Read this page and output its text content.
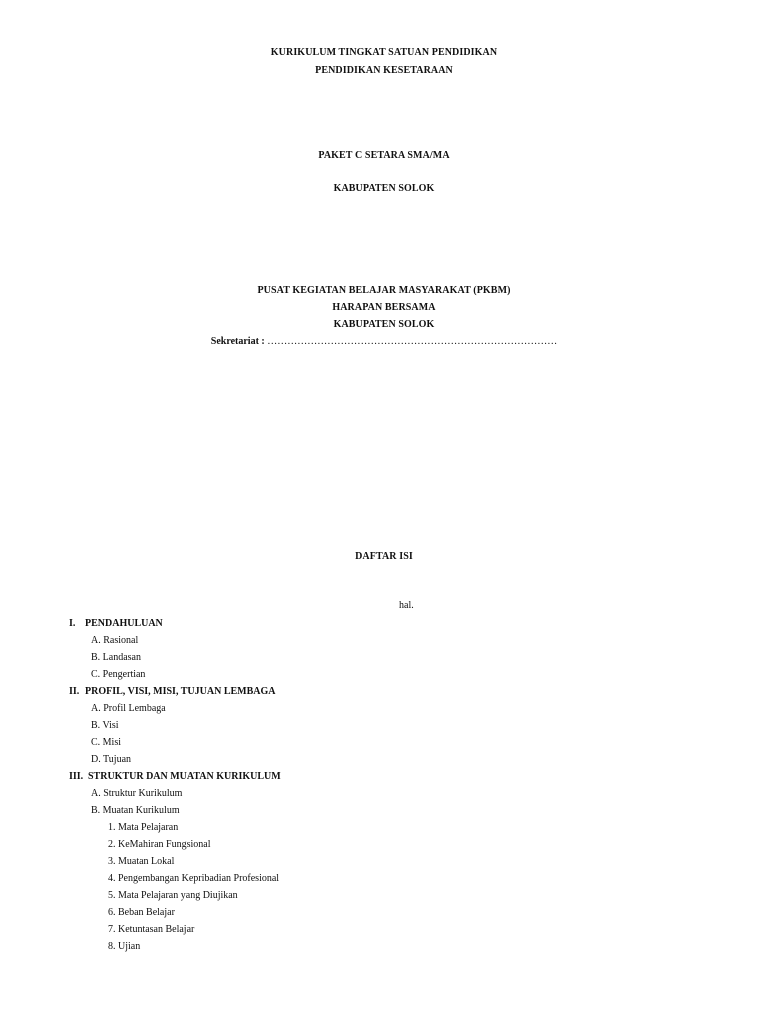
KURIKULUM TINGKAT SATUAN PENDIDIKAN
PENDIDIKAN KESETARAAN
PAKET C SETARA SMA/MA
KABUPATEN SOLOK
PUSAT KEGIATAN BELAJAR MASYARAKAT (PKBM)
HARAPAN BERSAMA
KABUPATEN SOLOK
Sekretariat : ……………………………………………………………………………
DAFTAR ISI
hal.
I. PENDAHULUAN
A. Rasional
B. Landasan
C. Pengertian
II. PROFIL, VISI, MISI, TUJUAN LEMBAGA
A. Profil Lembaga
B. Visi
C. Misi
D. Tujuan
III. STRUKTUR DAN MUATAN KURIKULUM
A. Struktur Kurikulum
B. Muatan Kurikulum
1. Mata Pelajaran
2. KeMahiran Fungsional
3. Muatan Lokal
4. Pengembangan Kepribadian Profesional
5. Mata Pelajaran yang Diujikan
6. Beban Belajar
7. Ketuntasan Belajar
8. Ujian
